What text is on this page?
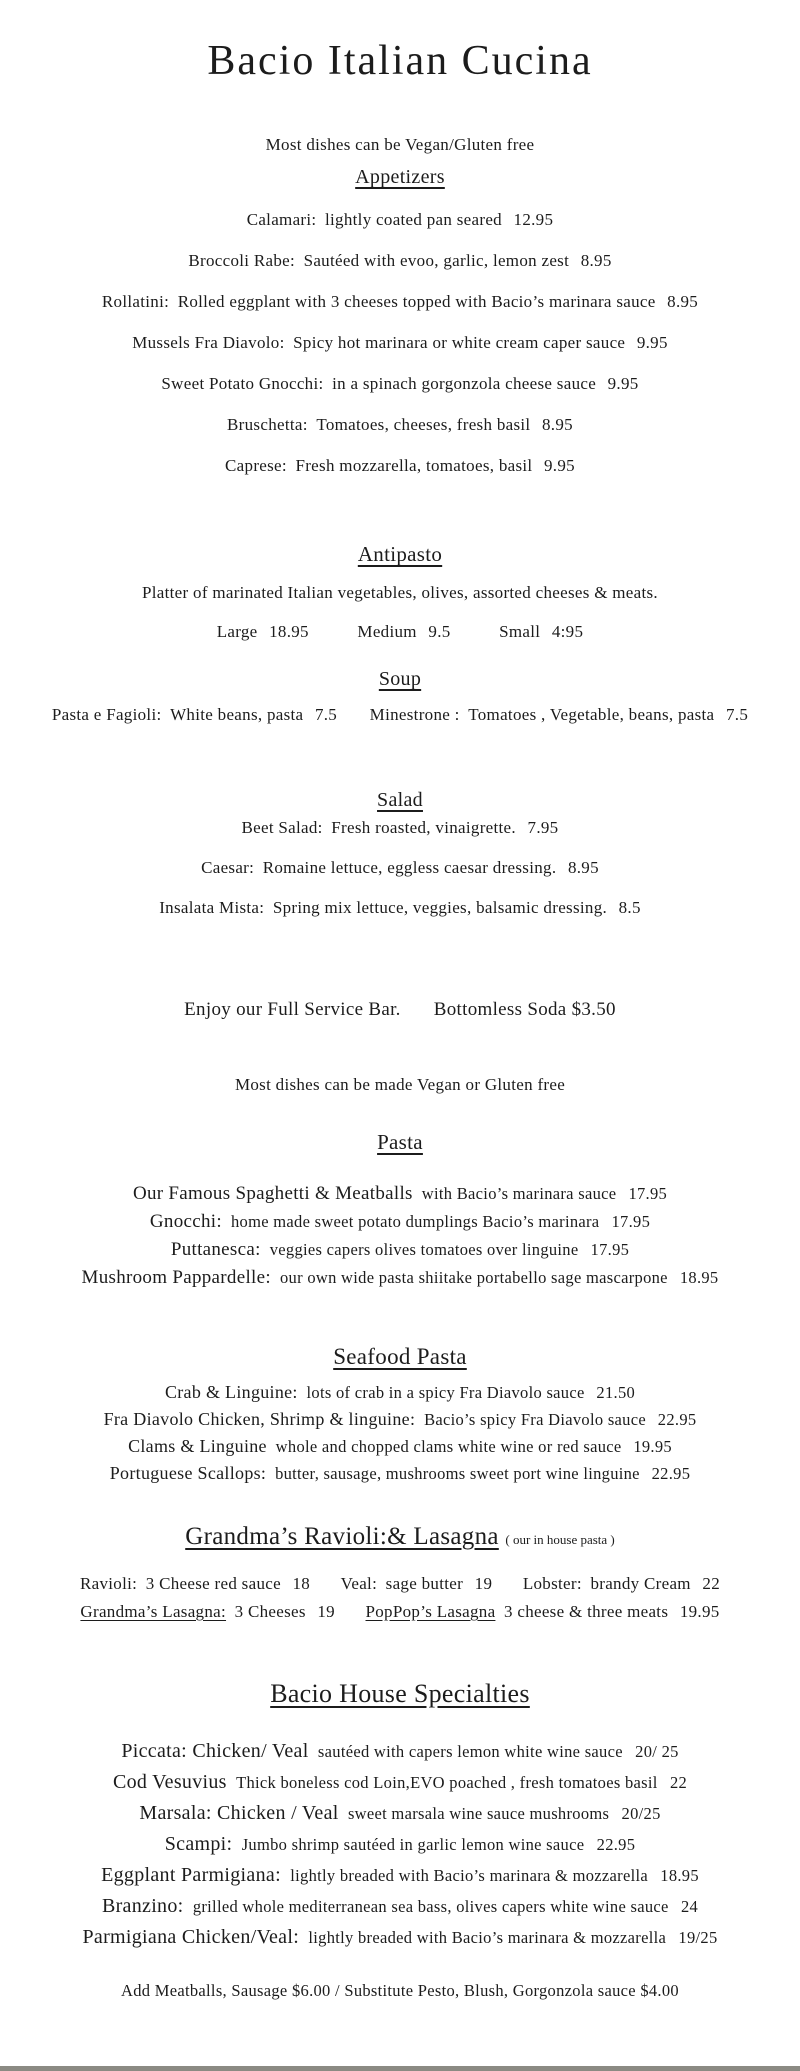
Bacio Italian Cucina
Most dishes can be Vegan/Gluten free
Appetizers
Calamari: lightly coated pan seared 12.95
Broccoli Rabe: Sautéed with evoo, garlic, lemon zest 8.95
Rollatini: Rolled eggplant with 3 cheeses topped with Bacio’s marinara sauce 8.95
Mussels Fra Diavolo: Spicy hot marinara or white cream caper sauce 9.95
Sweet Potato Gnocchi: in a spinach gorgonzola cheese sauce 9.95
Bruschetta: Tomatoes, cheeses, fresh basil 8.95
Caprese: Fresh mozzarella, tomatoes, basil 9.95
Antipasto
Platter of marinated Italian vegetables, olives, assorted cheeses & meats.
Large 18.95	Medium 9.5	Small 4:95
Soup
Pasta e Fagioli: White beans, pasta 7.5 Minestrone : Tomatoes , Vegetable, beans, pasta 7.5
Salad
Beet Salad: Fresh roasted, vinaigrette. 7.95
Caesar: Romaine lettuce, eggless caesar dressing. 8.95
Insalata Mista: Spring mix lettuce, veggies, balsamic dressing. 8.5
Enjoy our Full Service Bar. Bottomless Soda $3.50
Most dishes can be made Vegan or Gluten free
Pasta
Our Famous Spaghetti & Meatballs with Bacio’s marinara sauce 17.95
Gnocchi: home made sweet potato dumplings Bacio’s marinara 17.95
Puttanesca: veggies capers olives tomatoes over linguine 17.95
Mushroom Pappardelle: our own wide pasta shiitake portabello sage mascarpone 18.95
Seafood Pasta
Crab & Linguine: lots of crab in a spicy Fra Diavolo sauce 21.50
Fra Diavolo Chicken, Shrimp & linguine: Bacio’s spicy Fra Diavolo sauce 22.95
Clams & Linguine whole and chopped clams white wine or red sauce 19.95
Portuguese Scallops: butter, sausage, mushrooms sweet port wine linguine 22.95
Grandma’s Ravioli:& Lasagna ( our in house pasta )
Ravioli: 3 Cheese red sauce 18 Veal: sage butter 19 Lobster: brandy Cream 22
Grandma’s Lasagna: 3 Cheeses 19 PopPop’s Lasagna 3 cheese & three meats 19.95
Bacio House Specialties
Piccata: Chicken/ Veal sautéed with capers lemon white wine sauce 20/ 25
Cod Vesuvius Thick boneless cod Loin,EVO poached , fresh tomatoes basil 22
Marsala: Chicken / Veal sweet marsala wine sauce mushrooms 20/25
Scampi: Jumbo shrimp sautéed in garlic lemon wine sauce 22.95
Eggplant Parmigiana: lightly breaded with Bacio’s marinara & mozzarella 18.95
Branzino: grilled whole mediterranean sea bass, olives capers white wine sauce 24
Parmigiana Chicken/Veal: lightly breaded with Bacio’s marinara & mozzarella 19/25
Add Meatballs, Sausage $6.00 / Substitute Pesto, Blush, Gorgonzola sauce $4.00
